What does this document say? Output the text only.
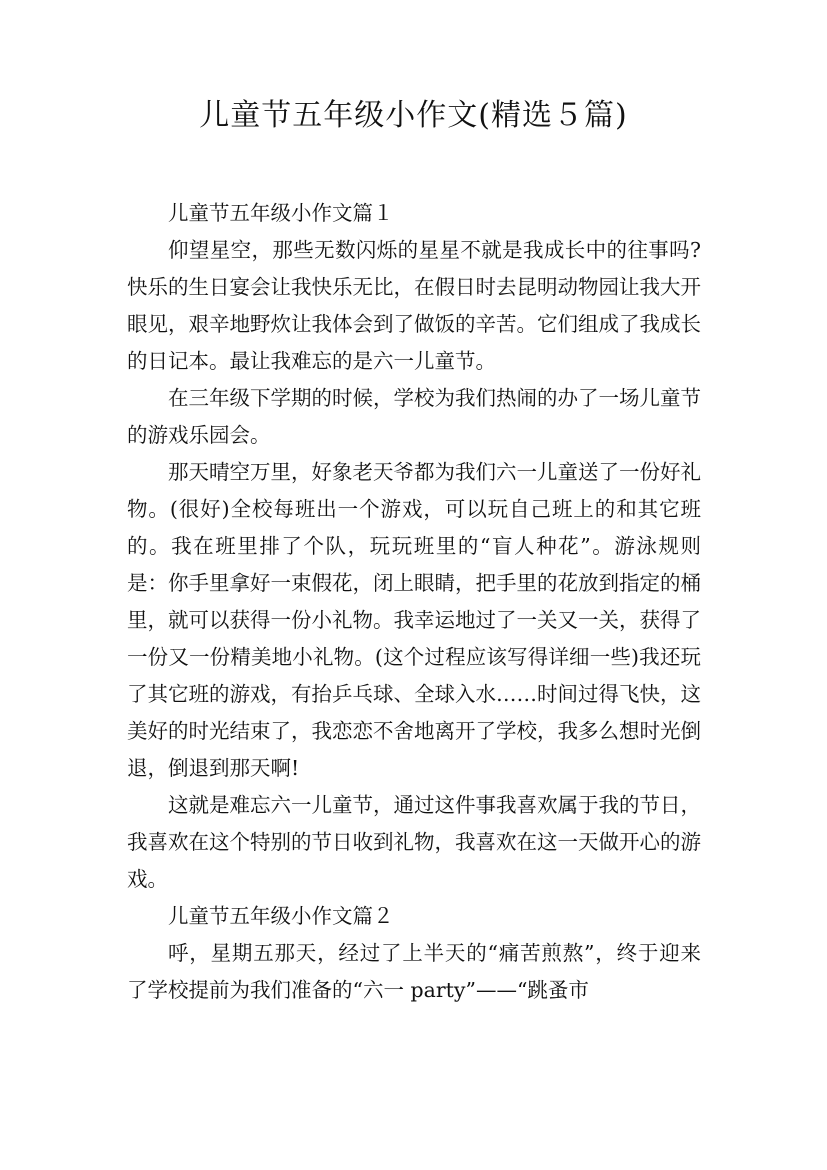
儿童节五年级小作文(精选５篇)

儿童节五年级小作文篇１

仰望星空，那些无数闪烁的星星不就是我成长中的往事吗?快乐的生日宴会让我快乐无比，在假日时去昆明动物园让我大开眼见，艰辛地野炊让我体会到了做饭的辛苦。它们组成了我成长的日记本。最让我难忘的是六一儿童节。

在三年级下学期的时候，学校为我们热闹的办了一场儿童节的游戏乐园会。

那天晴空万里，好象老天爷都为我们六一儿童送了一份好礼物。(很好)全校每班出一个游戏，可以玩自己班上的和其它班的。我在班里排了个队，玩玩班里的“盲人种花”。游泳规则是：你手里拿好一束假花，闭上眼睛，把手里的花放到指定的桶里，就可以获得一份小礼物。我幸运地过了一关又一关，获得了一份又一份精美地小礼物。(这个过程应该写得详细一些)我还玩了其它班的游戏，有抬乒乓球、全球入水……时间过得飞快，这美好的时光结束了，我恋恋不舍地离开了学校，我多么想时光倒退，倒退到那天啊!

这就是难忘六一儿童节，通过这件事我喜欢属于我的节日，我喜欢在这个特别的节日收到礼物，我喜欢在这一天做开心的游戏。

儿童节五年级小作文篇２

呼，星期五那天，经过了上半天的“痛苦煎熬”，终于迎来了学校提前为我们准备的“六一 party”——“跳蚤市
